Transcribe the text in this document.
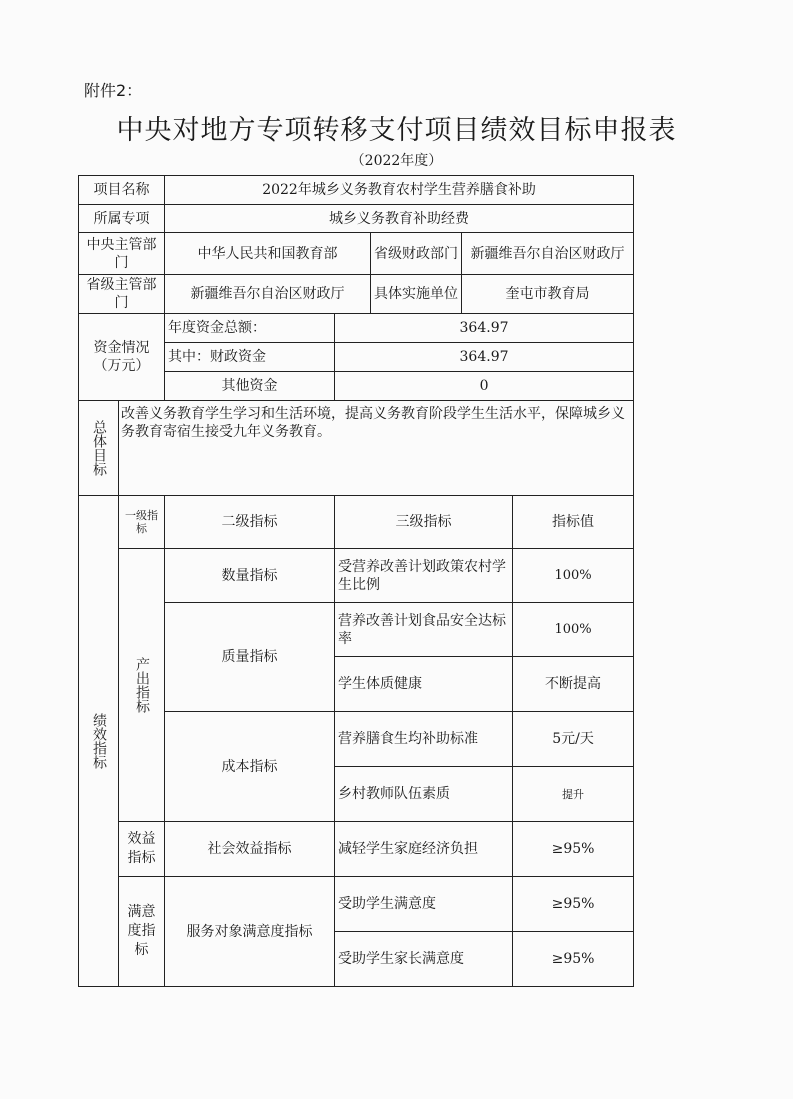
附件2：
中央对地方专项转移支付项目绩效目标申报表
（2022年度）
项目名称		2022年城乡义务教育农村学生营养膳食补助				
所属专项		城乡义务教育补助经费				
中央主管部门		中华人民共和国教育部		省级财政部门	新疆维吾尔自治区财政厅	
省级主管部门		新疆维吾尔自治区财政厅		具体实施单位	奎屯市教育局	
资金情况（万元）		年度资金总额：	364.97			
		其中：财政资金	364.97			
		其他资金	0			
总体目标	改善义务教育学生学习和生活环境，提高义务教育阶段学生生活水平，保障城乡义务教育寄宿生接受九年义务教育。					
绩效指标	一级指标	二级指标	三级指标			指标值
	产出指标	数量指标	受营养改善计划政策农村学生比例			100%
		质量指标	营养改善计划食品安全达标率			100%
			学生体质健康			不断提高
		成本指标	营养膳食生均补助标准			5元/天
			乡村教师队伍素质			提升
	效益指标	社会效益指标	减轻学生家庭经济负担			≥95%
	满意度指标	服务对象满意度指标	受助学生满意度			≥95%
			受助学生家长满意度			≥95%
